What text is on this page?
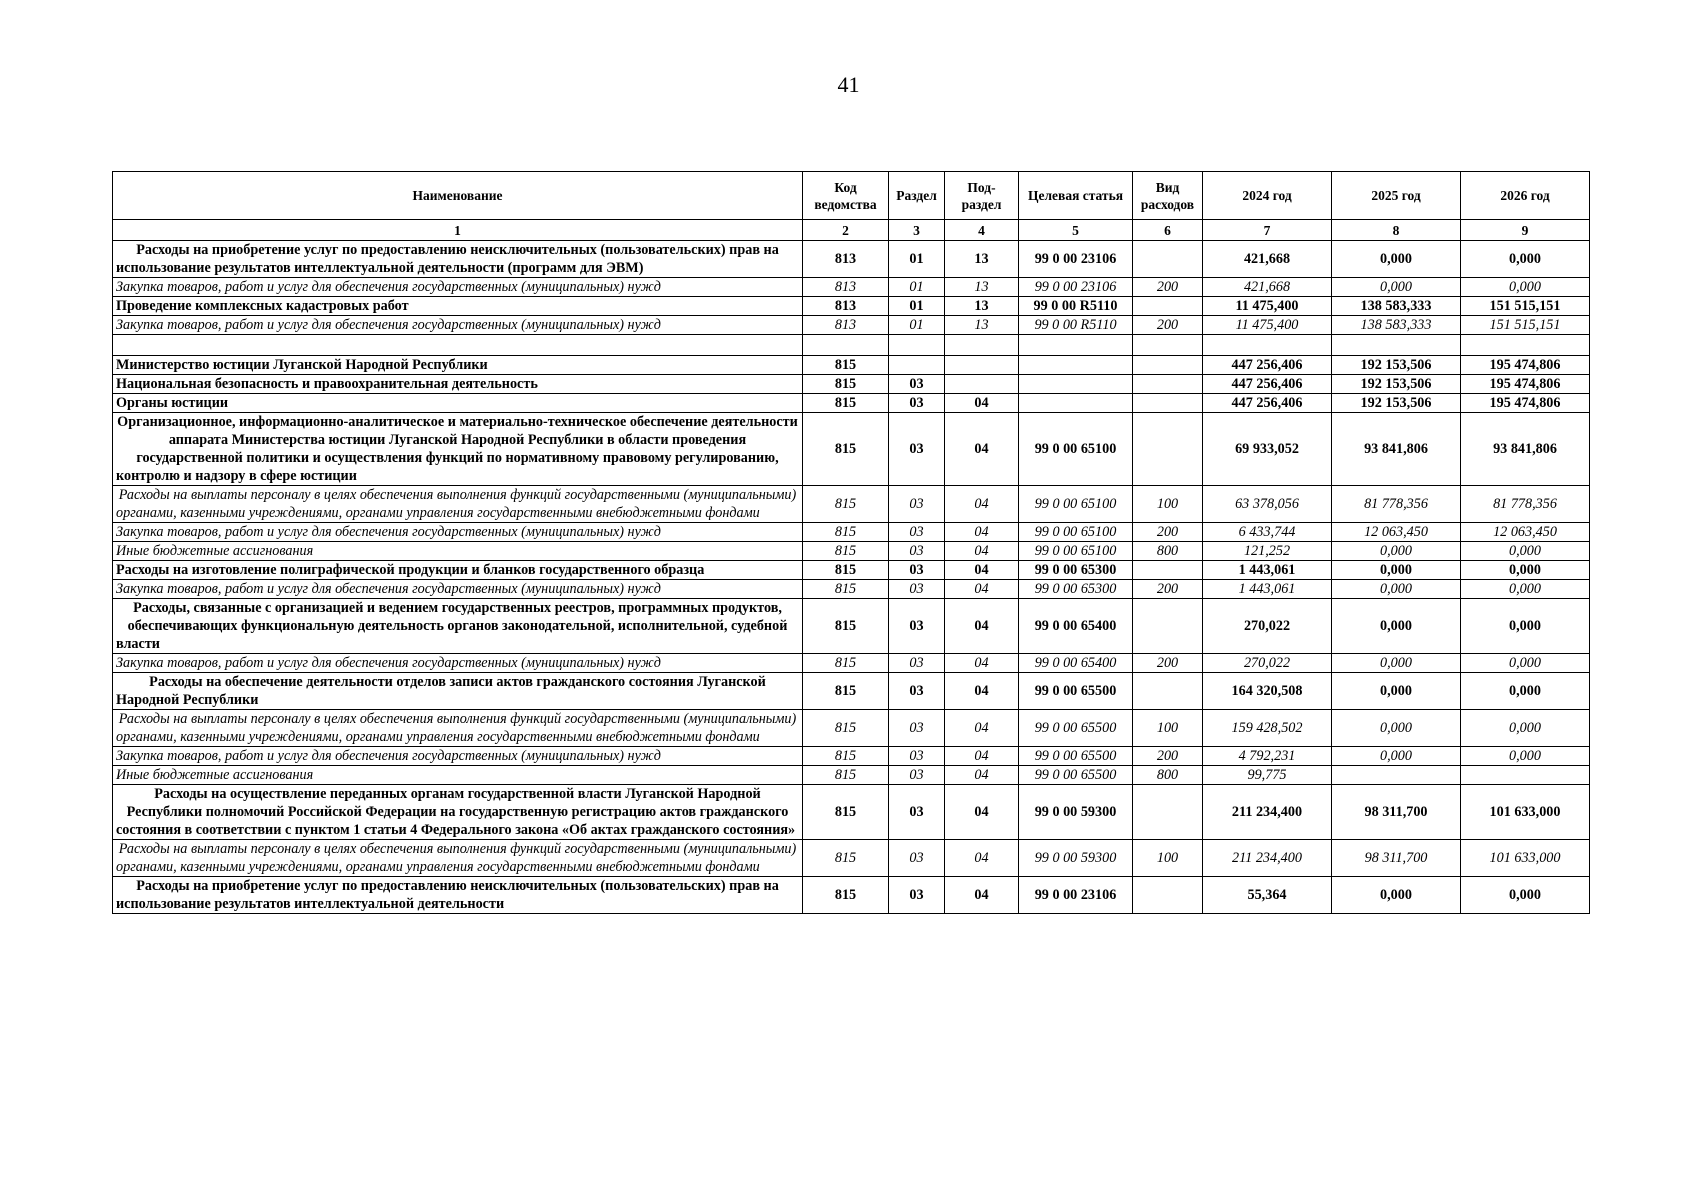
41
Наименование	Код ведомства	Раздел	Под-раздел	Целевая статья	Вид расходов	2024 год	2025 год	2026 год
1	2	3	4	5	6	7	8	9
Расходы на приобретение услуг по предоставлению неисключительных (пользовательских) прав на использование результатов интеллектуальной деятельности (программ для ЭВМ)	813	01	13	99 0 00 23106		421,668	0,000	0,000
Закупка товаров, работ и услуг для обеспечения государственных (муниципальных) нужд	813	01	13	99 0 00 23106	200	421,668	0,000	0,000
Проведение комплексных кадастровых работ	813	01	13	99 0 00 R5110		11 475,400	138 583,333	151 515,151
Закупка товаров, работ и услуг для обеспечения государственных (муниципальных) нужд	813	01	13	99 0 00 R5110	200	11 475,400	138 583,333	151 515,151

Министерство юстиции Луганской Народной Республики	815					447 256,406	192 153,506	195 474,806
Национальная безопасность и правоохранительная деятельность	815	03				447 256,406	192 153,506	195 474,806
Органы юстиции	815	03	04			447 256,406	192 153,506	195 474,806
Организационное, информационно-аналитическое и материально-техническое обеспечение деятельности аппарата Министерства юстиции Луганской Народной Республики в области проведения государственной политики и осуществления функций по нормативному правовому регулированию, контролю и надзору в сфере юстиции	815	03	04	99 0 00 65100		69 933,052	93 841,806	93 841,806
Расходы на выплаты персоналу в целях обеспечения выполнения функций государственными (муниципальными) органами, казенными учреждениями, органами управления государственными внебюджетными фондами	815	03	04	99 0 00 65100	100	63 378,056	81 778,356	81 778,356
Закупка товаров, работ и услуг для обеспечения государственных (муниципальных) нужд	815	03	04	99 0 00 65100	200	6 433,744	12 063,450	12 063,450
Иные бюджетные ассигнования	815	03	04	99 0 00 65100	800	121,252	0,000	0,000
Расходы на изготовление полиграфической продукции и бланков государственного образца	815	03	04	99 0 00 65300		1 443,061	0,000	0,000
Закупка товаров, работ и услуг для обеспечения государственных (муниципальных) нужд	815	03	04	99 0 00 65300	200	1 443,061	0,000	0,000
Расходы, связанные с организацией и ведением государственных реестров, программных продуктов, обеспечивающих функциональную деятельность органов законодательной, исполнительной, судебной власти	815	03	04	99 0 00 65400		270,022	0,000	0,000
Закупка товаров, работ и услуг для обеспечения государственных (муниципальных) нужд	815	03	04	99 0 00 65400	200	270,022	0,000	0,000
Расходы на обеспечение деятельности отделов записи актов гражданского состояния Луганской Народной Республики	815	03	04	99 0 00 65500		164 320,508	0,000	0,000
Расходы на выплаты персоналу в целях обеспечения выполнения функций государственными (муниципальными) органами, казенными учреждениями, органами управления государственными внебюджетными фондами	815	03	04	99 0 00 65500	100	159 428,502	0,000	0,000
Закупка товаров, работ и услуг для обеспечения государственных (муниципальных) нужд	815	03	04	99 0 00 65500	200	4 792,231	0,000	0,000
Иные бюджетные ассигнования	815	03	04	99 0 00 65500	800	99,775		
Расходы на осуществление переданных органам государственной власти Луганской Народной Республики полномочий Российской Федерации на государственную регистрацию актов гражданского состояния в соответствии с пунктом 1 статьи 4 Федерального закона «Об актах гражданского состояния»	815	03	04	99 0 00 59300		211 234,400	98 311,700	101 633,000
Расходы на выплаты персоналу в целях обеспечения выполнения функций государственными (муниципальными) органами, казенными учреждениями, органами управления государственными внебюджетными фондами	815	03	04	99 0 00 59300	100	211 234,400	98 311,700	101 633,000
Расходы на приобретение услуг по предоставлению неисключительных (пользовательских) прав на использование результатов интеллектуальной деятельности	815	03	04	99 0 00 23106		55,364	0,000	0,000
